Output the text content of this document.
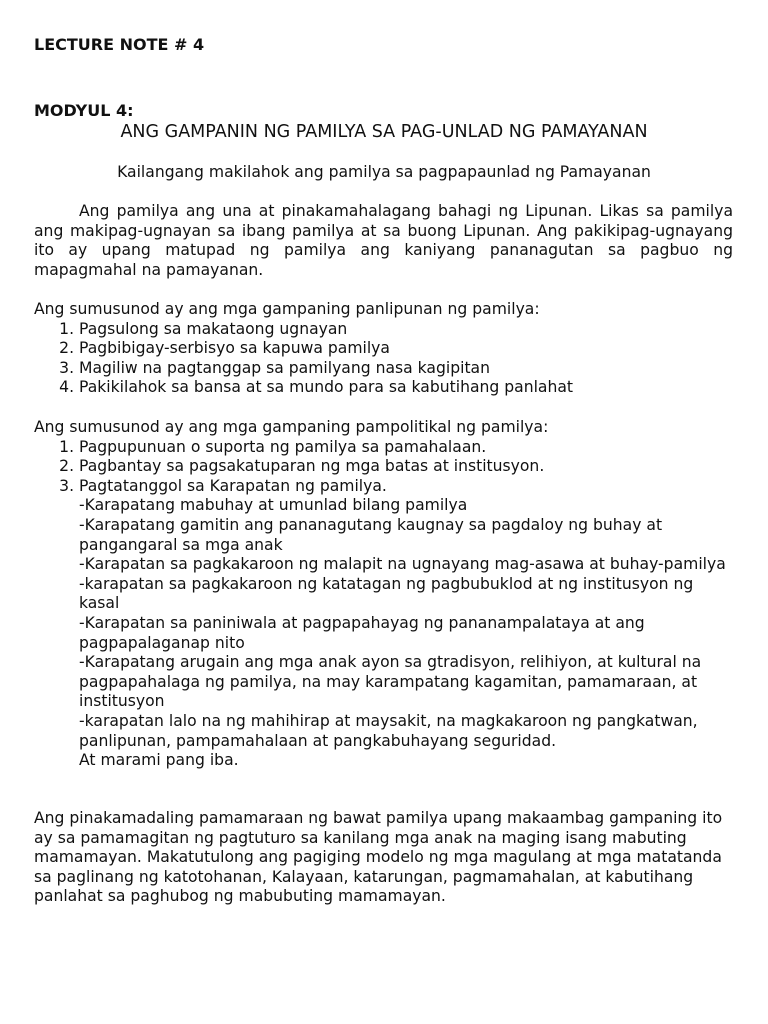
LECTURE NOTE # 4
MODYUL 4:
ANG GAMPANIN NG PAMILYA SA PAG-UNLAD NG PAMAYANAN
Kailangang makilahok ang pamilya sa pagpapaunlad ng Pamayanan

Ang pamilya ang una at pinakamahalagang bahagi ng Lipunan. Likas sa pamilya ang makipag-ugnayan sa ibang pamilya at sa buong Lipunan. Ang pakikipag-ugnayang ito ay upang matupad ng pamilya ang kaniyang pananagutan sa pagbuo ng mapagmahal na pamayanan.

Ang sumusunod ay ang mga gampaning panlipunan ng pamilya:
1. Pagsulong sa makataong ugnayan
2. Pagbibigay-serbisyo sa kapuwa pamilya
3. Magiliw na pagtanggap sa pamilyang nasa kagipitan
4. Pakikilahok sa bansa at sa mundo para sa kabutihang panlahat
Ang sumusunod ay ang mga gampaning pampolitikal ng pamilya:
1. Pagpupunuan o suporta ng pamilya sa pamahalaan.
2. Pagbantay sa pagsakatuparan ng mga batas at institusyon.
3. Pagtatanggol sa Karapatan ng pamilya.
-Karapatang mabuhay at umunlad bilang pamilya
-Karapatang gamitin ang pananagutang kaugnay sa pagdaloy ng buhay at pangangaral sa mga anak
-Karapatan sa pagkakaroon ng malapit na ugnayang mag-asawa at buhay-pamilya
-karapatan sa pagkakaroon ng katatagan ng pagbubuklod at ng institusyon ng kasal
-Karapatan sa paniniwala at pagpapahayag ng pananampalataya at ang pagpapalaganap nito
-Karapatang arugain ang mga anak ayon sa gtradisyon, relihiyon, at kultural na pagpapahalaga ng pamilya, na may karampatang kagamitan, pamamaraan, at institusyon
-karapatan lalo na ng mahihirap at maysakit, na magkakaroon ng pangkatwan, panlipunan, pampamahalaan at pangkabuhayang seguridad.
At marami pang iba.

Ang pinakamadaling pamamaraan ng bawat pamilya upang makaambag gampaning ito ay sa pamamagitan ng pagtuturo sa kanilang mga anak na maging isang mabuting mamamayan. Makatutulong ang pagiging modelo ng mga magulang at mga matatanda sa paglinang ng katotohanan, Kalayaan, katarungan, pagmamahalan, at kabutihang panlahat sa paghubog ng mabubuting mamamayan.
